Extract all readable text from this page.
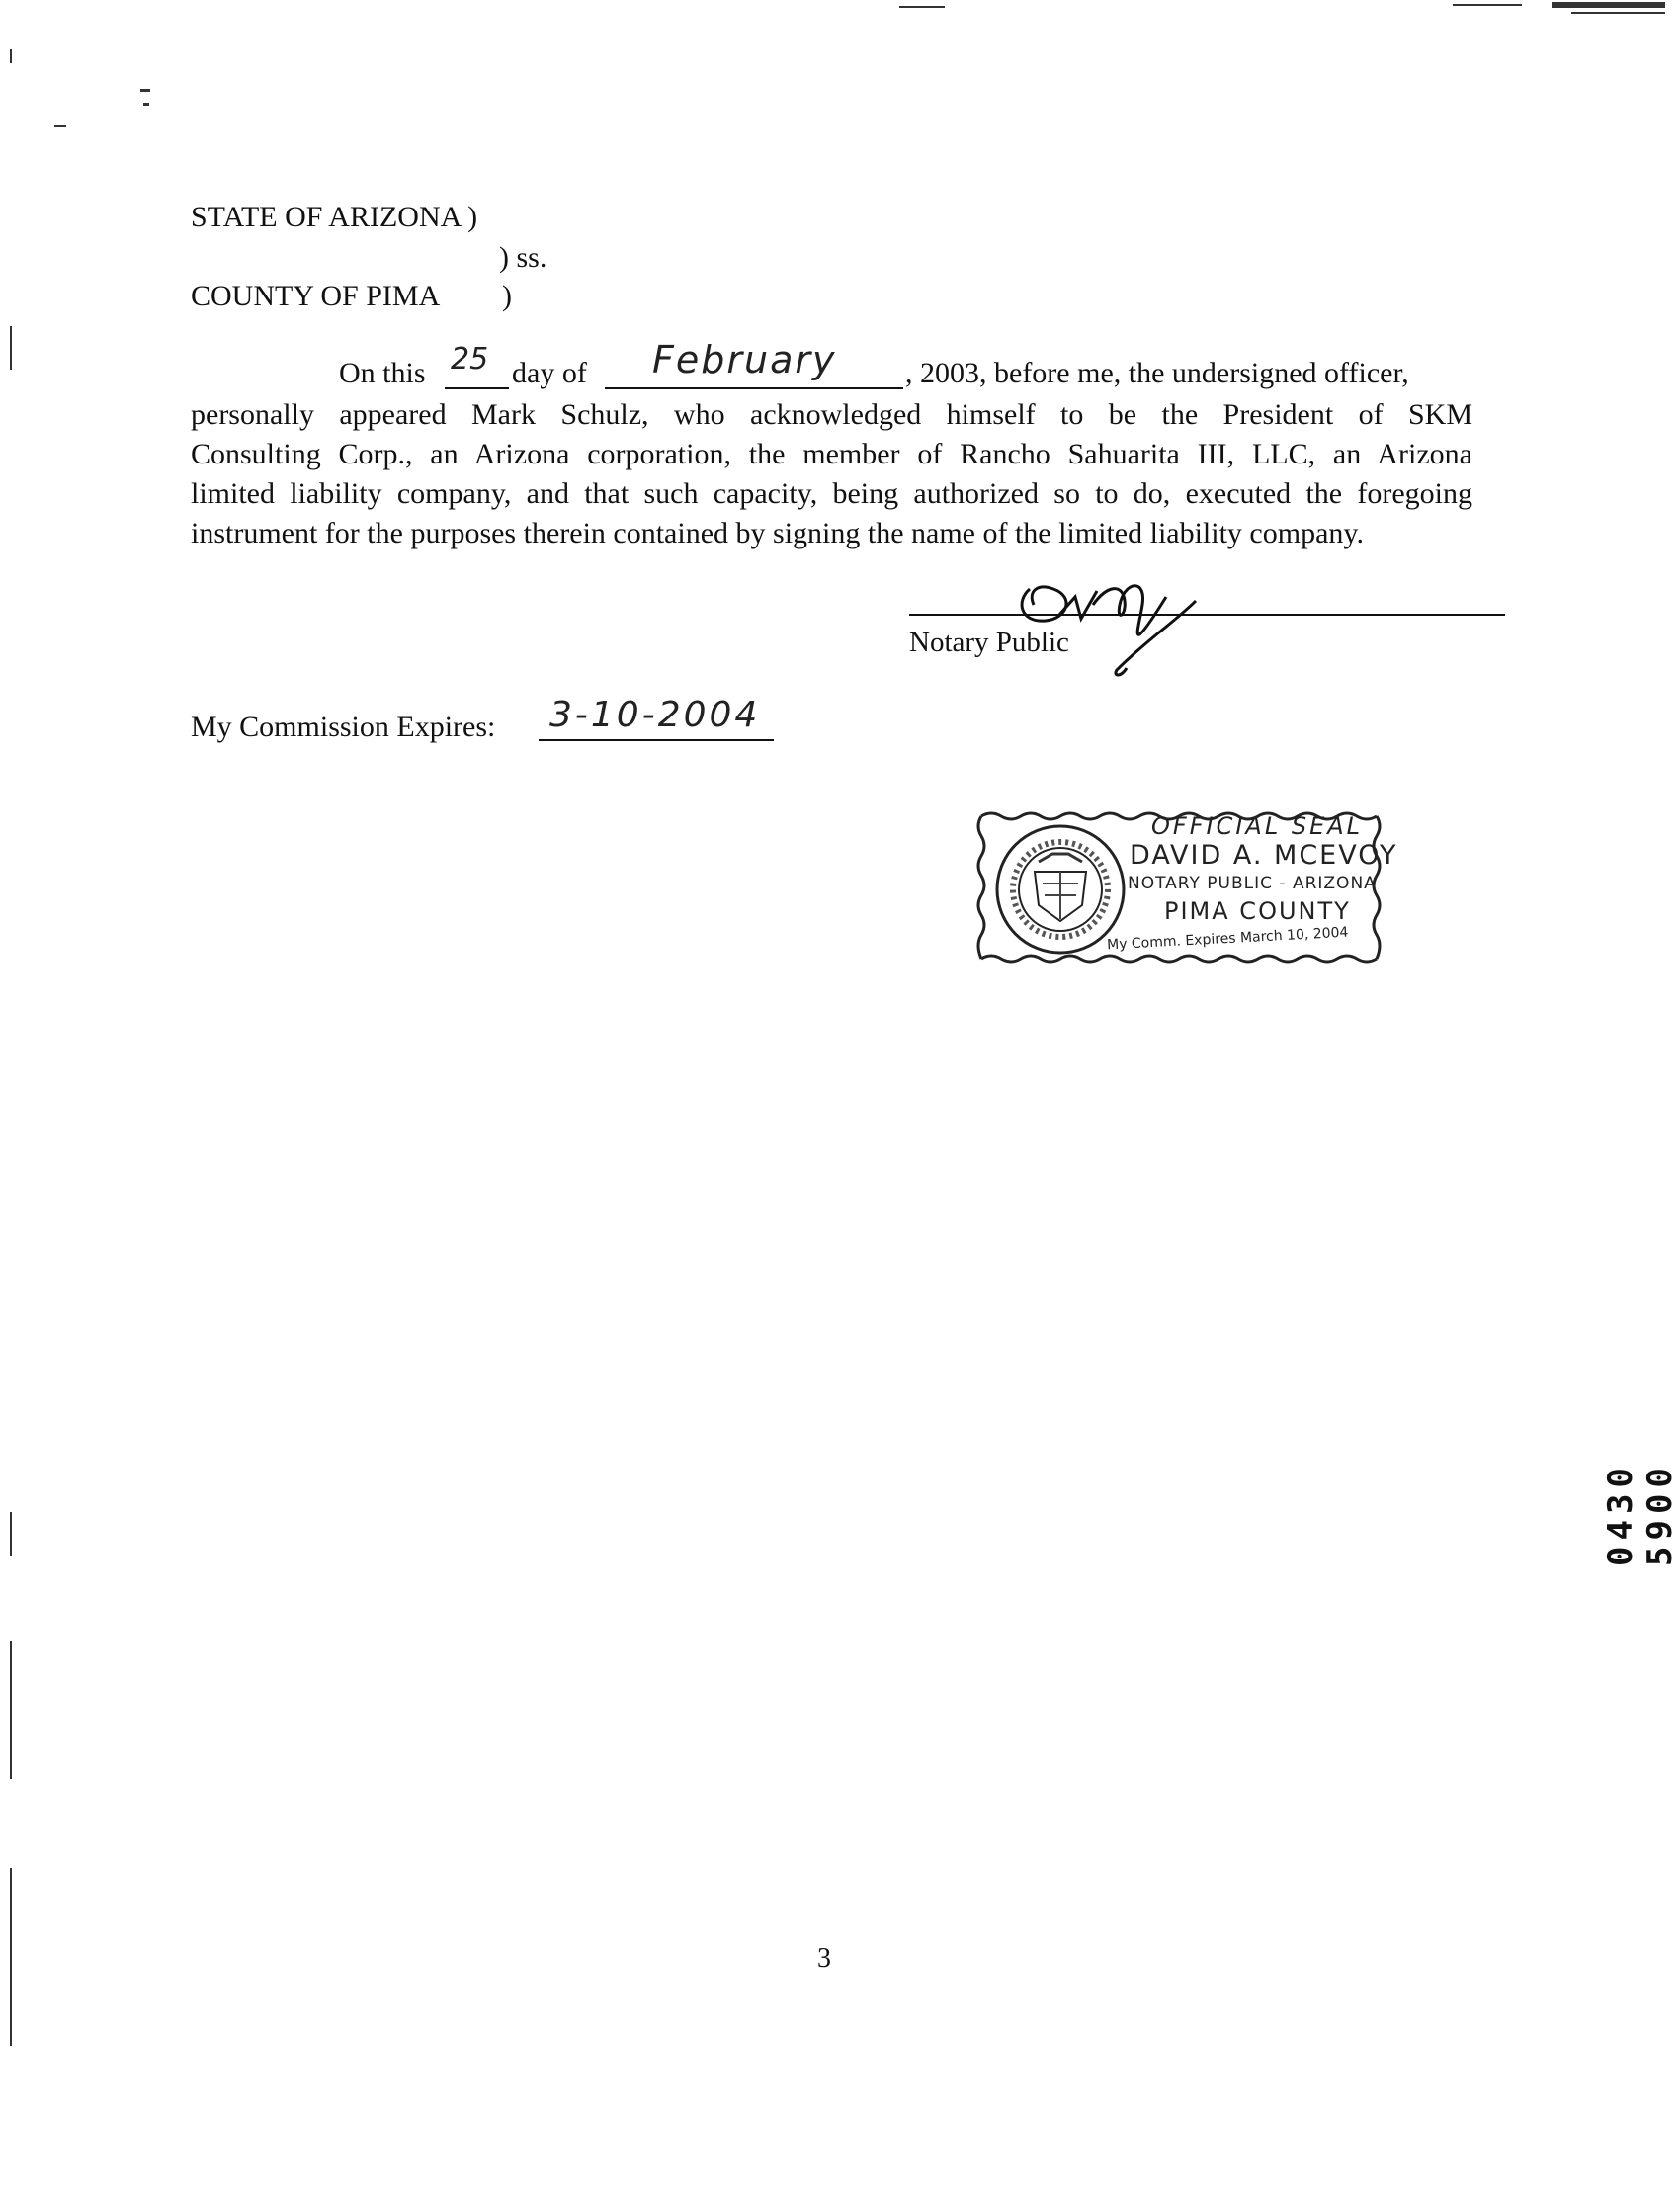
STATE OF ARIZONA )
) ss.
COUNTY OF PIMA )
On this 25 day of February , 2003, before me, the undersigned officer,
personally appeared Mark Schulz, who acknowledged himself to be the President of SKM
Consulting Corp., an Arizona corporation, the member of Rancho Sahuarita III, LLC, an Arizona
limited liability company, and that such capacity, being authorized so to do, executed the foregoing
instrument for the purposes therein contained by signing the name of the limited liability company.
Notary Public
My Commission Expires: 3-10-2004
OFFICIAL SEAL
DAVID A. MCEVOY
NOTARY PUBLIC - ARIZONA
PIMA COUNTY
My Comm. Expires March 10, 2004
3
0430 5900
